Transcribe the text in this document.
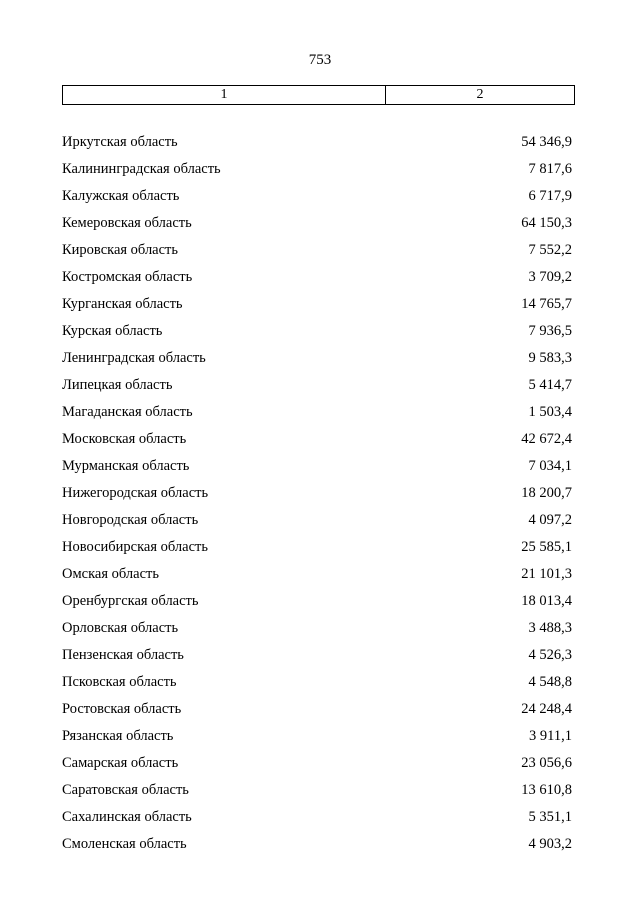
753
1	2
Иркутская область	54 346,9
Калининградская область	7 817,6
Калужская область	6 717,9
Кемеровская область	64 150,3
Кировская область	7 552,2
Костромская область	3 709,2
Курганская область	14 765,7
Курская область	7 936,5
Ленинградская область	9 583,3
Липецкая область	5 414,7
Магаданская область	1 503,4
Московская область	42 672,4
Мурманская область	7 034,1
Нижегородская область	18 200,7
Новгородская область	4 097,2
Новосибирская область	25 585,1
Омская область	21 101,3
Оренбургская область	18 013,4
Орловская область	3 488,3
Пензенская область	4 526,3
Псковская область	4 548,8
Ростовская область	24 248,4
Рязанская область	3 911,1
Самарская область	23 056,6
Саратовская область	13 610,8
Сахалинская область	5 351,1
Смоленская область	4 903,2
